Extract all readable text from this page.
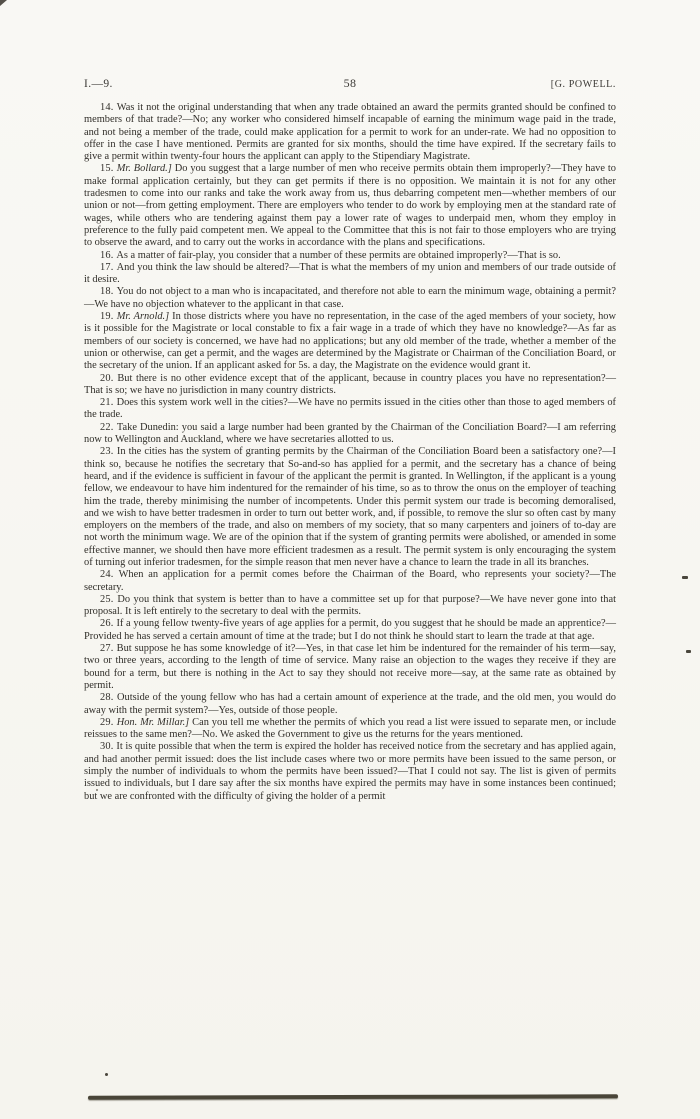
I.—9.	58	[G. POWELL.

14. Was it not the original understanding that when any trade obtained an award the permits granted should be confined to members of that trade?—No; any worker who considered himself incapable of earning the minimum wage paid in the trade, and not being a member of the trade, could make application for a permit to work for an under-rate. We had no opposition to offer in the case I have mentioned. Permits are granted for six months, should the time have expired. If the secretary fails to give a permit within twenty-four hours the applicant can apply to the Stipendiary Magistrate.

15. Mr. Bollard.] Do you suggest that a large number of men who receive permits obtain them improperly?—They have to make formal application certainly, but they can get permits if there is no opposition. We maintain it is not for any other tradesmen to come into our ranks and take the work away from us, thus debarring competent men—whether members of our union or not—from getting employment. There are employers who tender to do work by employing men at the standard rate of wages, while others who are tendering against them pay a lower rate of wages to underpaid men, whom they employ in preference to the fully paid competent men. We appeal to the Committee that this is not fair to those employers who are trying to observe the award, and to carry out the works in accordance with the plans and specifications.

16. As a matter of fair-play, you consider that a number of these permits are obtained improperly?—That is so.

17. And you think the law should be altered?—That is what the members of my union and members of our trade outside of it desire.

18. You do not object to a man who is incapacitated, and therefore not able to earn the minimum wage, obtaining a permit?—We have no objection whatever to the applicant in that case.

19. Mr. Arnold.] In those districts where you have no representation, in the case of the aged members of your society, how is it possible for the Magistrate or local constable to fix a fair wage in a trade of which they have no knowledge?—As far as members of our society is concerned, we have had no applications; but any old member of the trade, whether a member of the union or otherwise, can get a permit, and the wages are determined by the Magistrate or Chairman of the Conciliation Board, or the secretary of the union. If an applicant asked for 5s. a day, the Magistrate on the evidence would grant it.

20. But there is no other evidence except that of the applicant, because in country places you have no representation?—That is so; we have no jurisdiction in many country districts.

21. Does this system work well in the cities?—We have no permits issued in the cities other than those to aged members of the trade.

22. Take Dunedin: you said a large number had been granted by the Chairman of the Conciliation Board?—I am referring now to Wellington and Auckland, where we have secretaries allotted to us.

23. In the cities has the system of granting permits by the Chairman of the Conciliation Board been a satisfactory one?—I think so, because he notifies the secretary that So-and-so has applied for a permit, and the secretary has a chance of being heard, and if the evidence is sufficient in favour of the applicant the permit is granted. In Wellington, if the applicant is a young fellow, we endeavour to have him indentured for the remainder of his time, so as to throw the onus on the employer of teaching him the trade, thereby minimising the number of incompetents. Under this permit system our trade is becoming demoralised, and we wish to have better tradesmen in order to turn out better work, and, if possible, to remove the slur so often cast by many employers on the members of the trade, and also on members of my society, that so many carpenters and joiners of to-day are not worth the minimum wage. We are of the opinion that if the system of granting permits were abolished, or amended in some effective manner, we should then have more efficient tradesmen as a result. The permit system is only encouraging the system of turning out inferior tradesmen, for the simple reason that men never have a chance to learn the trade in all its branches.

24. When an application for a permit comes before the Chairman of the Board, who represents your society?—The secretary.

25. Do you think that system is better than to have a committee set up for that purpose?—We have never gone into that proposal. It is left entirely to the secretary to deal with the permits.

26. If a young fellow twenty-five years of age applies for a permit, do you suggest that he should be made an apprentice?—Provided he has served a certain amount of time at the trade; but I do not think he should start to learn the trade at that age.

27. But suppose he has some knowledge of it?—Yes, in that case let him be indentured for the remainder of his term—say, two or three years, according to the length of time of service. Many raise an objection to the wages they receive if they are bound for a term, but there is nothing in the Act to say they should not receive more—say, at the same rate as obtained by permit.

28. Outside of the young fellow who has had a certain amount of experience at the trade, and the old men, you would do away with the permit system?—Yes, outside of those people.

29. Hon. Mr. Millar.] Can you tell me whether the permits of which you read a list were issued to separate men, or include reissues to the same men?—No. We asked the Government to give us the returns for the years mentioned.

30. It is quite possible that when the term is expired the holder has received notice from the secretary and has applied again, and had another permit issued: does the list include cases where two or more permits have been issued to the same person, or simply the number of individuals to whom the permits have been issued?—That I could not say. The list is given of permits issued to individuals, but I dare say after the six months have expired the permits may have in some instances been continued; but we are confronted with the difficulty of giving the holder of a permit
